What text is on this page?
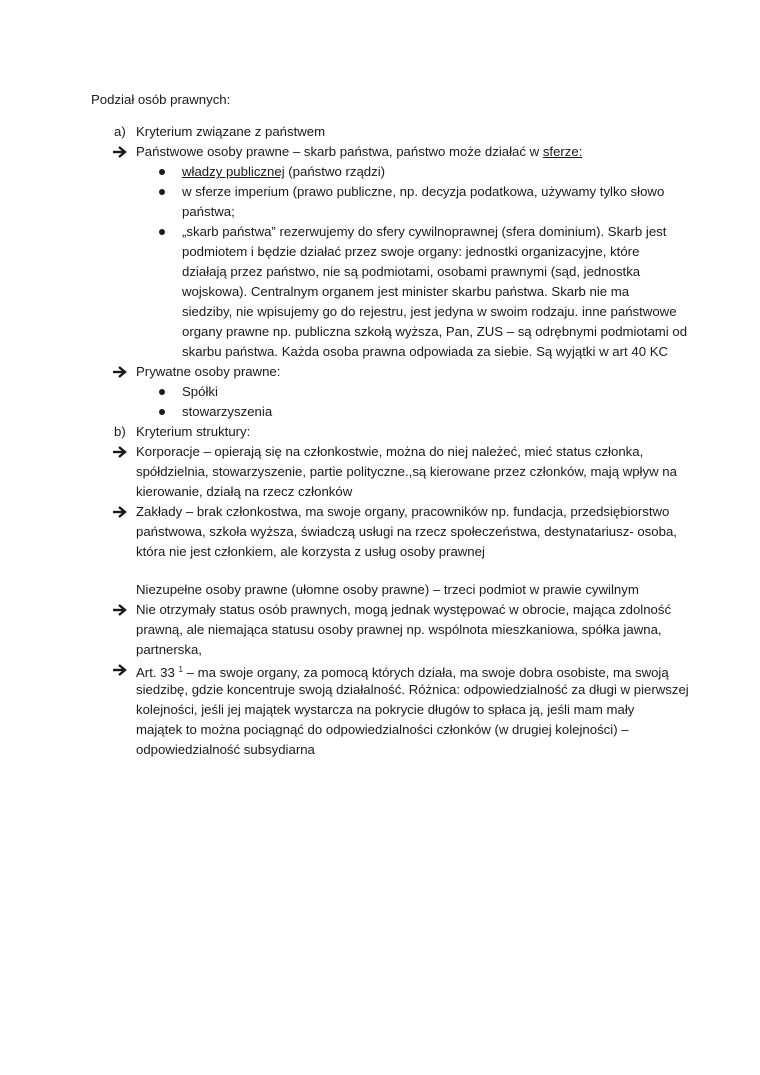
Podział osób prawnych:
a) Kryterium związane z państwem
Państwowe osoby prawne – skarb państwa, państwo może działać w sferze:
władzy publicznej (państwo rządzi)
w sferze imperium (prawo publiczne, np. decyzja podatkowa, używamy tylko słowo
państwa;
„skarb państwa” rezerwujemy do sfery cywilnoprawnej (sfera dominium). Skarb jest
podmiotem i będzie działać przez swoje organy: jednostki organizacyjne, które
działają przez państwo, nie są podmiotami, osobami prawnymi (sąd, jednostka
wojskowa). Centralnym organem jest minister skarbu państwa. Skarb nie ma
siedziby, nie wpisujemy go do rejestru, jest jedyna w swoim rodzaju. inne państwowe
organy prawne np. publiczna szkołą wyższa, Pan, ZUS – są odrębnymi podmiotami od
skarbu państwa. Każda osoba prawna odpowiada za siebie. Są wyjątki w art 40 KC
Prywatne osoby prawne:
Spółki
stowarzyszenia
b) Kryterium struktury:
Korporacje – opierają się na członkostwie, można do niej należeć, mieć status członka,
spółdzielnia, stowarzyszenie, partie polityczne.,są kierowane przez członków, mają wpływ na
kierowanie, działą na rzecz członków
Zakłady – brak członkostwa, ma swoje organy, pracowników np. fundacja, przedsiębiorstwo
państwowa, szkoła wyższa, świadczą usługi na rzecz społeczeństwa, destynatariusz- osoba,
która nie jest członkiem, ale korzysta z usług osoby prawnej
Niezupełne osoby prawne (ułomne osoby prawne) – trzeci podmiot w prawie cywilnym
Nie otrzymały status osób prawnych, mogą jednak występować w obrocie, mająca zdolność
prawną, ale niemająca statusu osoby prawnej np. wspólnota mieszkaniowa, spółka jawna,
partnerska,
Art. 33 $^1$ – ma swoje organy, za pomocą których działa, ma swoje dobra osobiste, ma swoją
siedzibę, gdzie koncentruje swoją działalność. Różnica: odpowiedzialność za długi w pierwszej
kolejności, jeśli jej majątek wystarcza na pokrycie długów to spłaca ją, jeśli mam mały
majątek to można pociągnąć do odpowiedzialności członków (w drugiej kolejności) –
odpowiedzialność subsydiarna
